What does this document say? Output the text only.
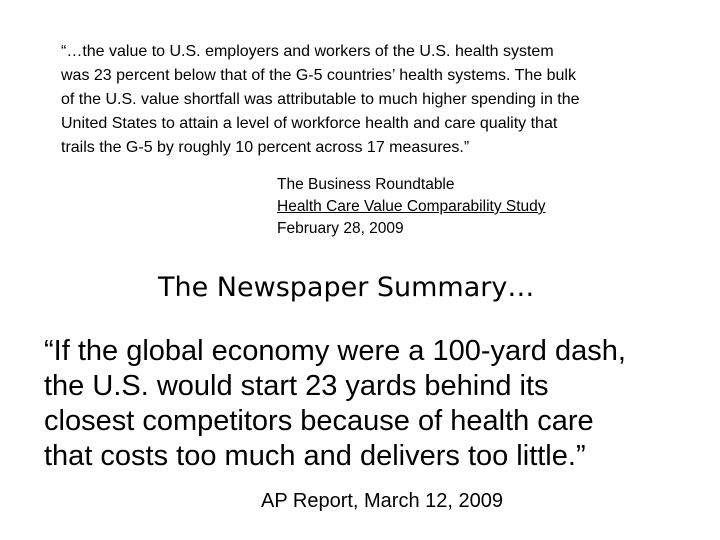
“…the value to U.S. employers and workers of the U.S. health system
was 23 percent below that of the G-5 countries’ health systems. The bulk
of the U.S. value shortfall was attributable to much higher spending in the
United States to attain a level of workforce health and care quality that
trails the G-5 by roughly 10 percent across 17 measures.”
The Business Roundtable
Health Care Value Comparability Study
February 28, 2009
The Newspaper Summary…
“If the global economy were a 100-yard dash,
the U.S. would start 23 yards behind its
closest competitors because of health care
that costs too much and delivers too little.”
AP Report, March 12, 2009
